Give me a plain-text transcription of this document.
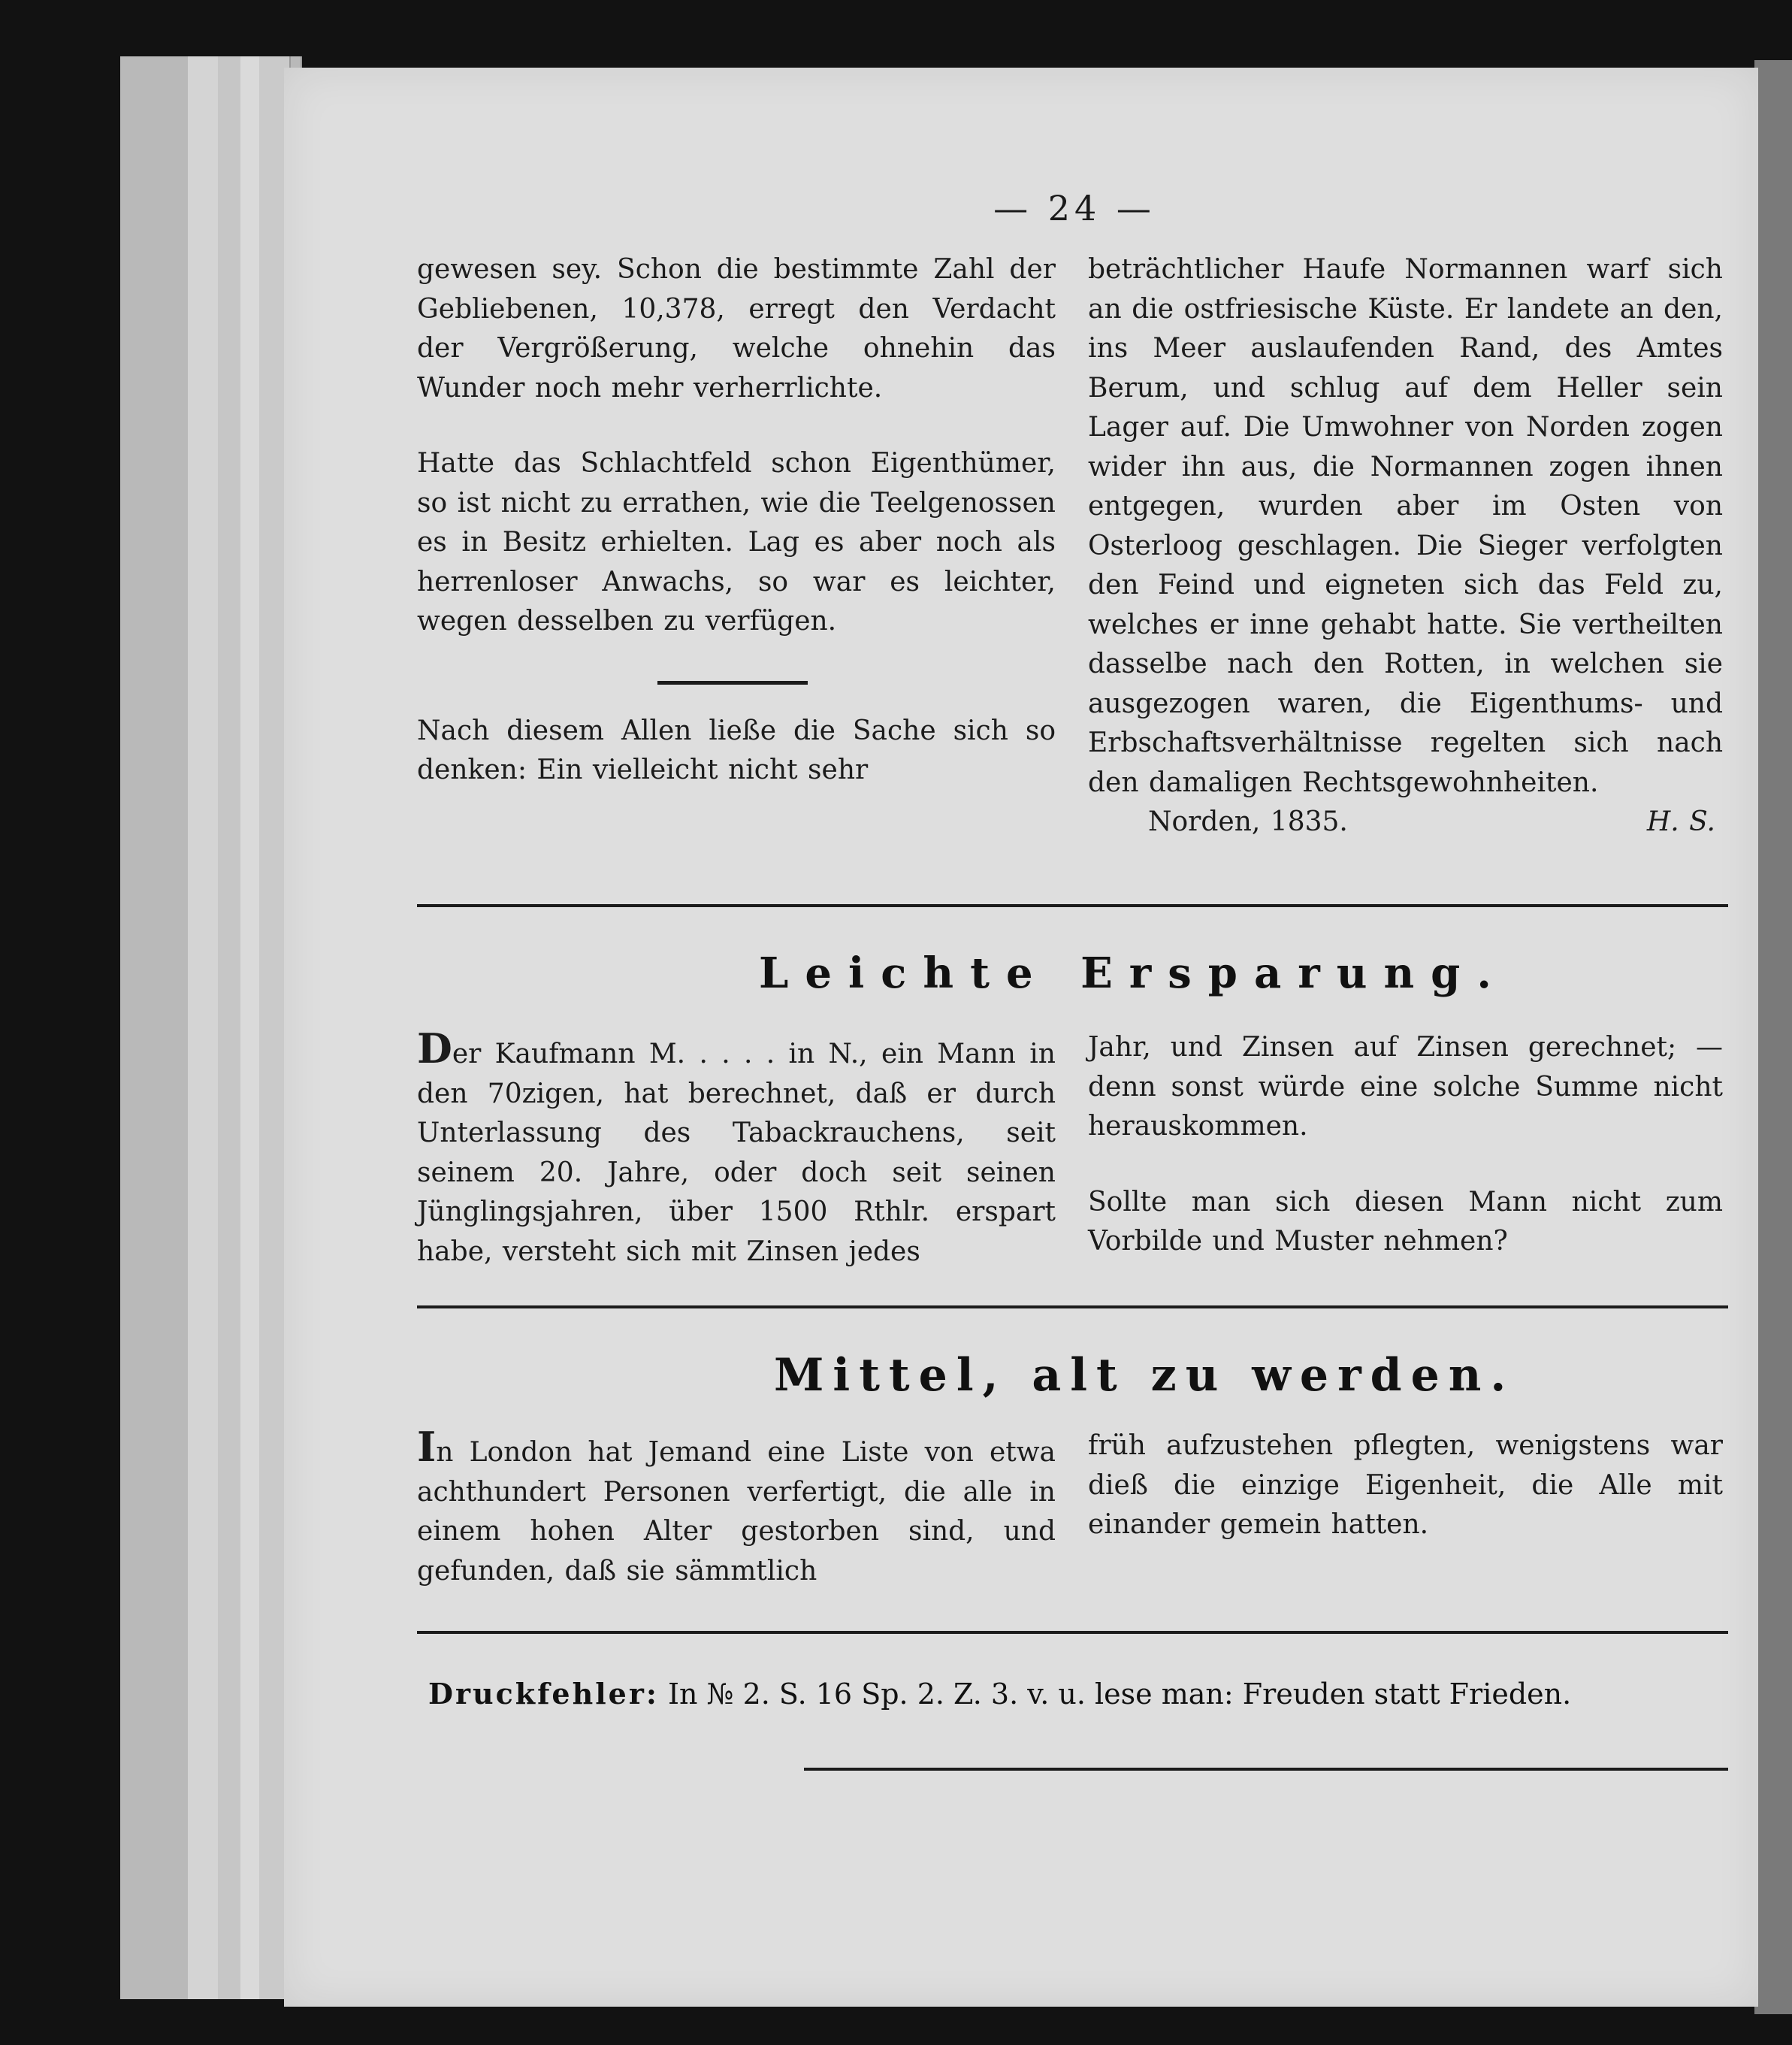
— 24 —

gewesen sey. Schon die bestimmte Zahl der Gebliebenen, 10,378, erregt den Verdacht der Vergrößerung, welche ohnehin das Wunder noch mehr verherrlichte.

Hatte das Schlachtfeld schon Eigenthümer, so ist nicht zu errathen, wie die Teelgenossen es in Besitz erhielten. Lag es aber noch als herrenloser Anwachs, so war es leichter, wegen desselben zu verfügen.

Nach diesem Allen ließe die Sache sich so denken: Ein vielleicht nicht sehr

beträchtlicher Haufe Normannen warf sich an die ostfriesische Küste. Er landete an den, ins Meer auslaufenden Rand, des Amtes Berum, und schlug auf dem Heller sein Lager auf. Die Umwohner von Norden zogen wider ihn aus, die Normannen zogen ihnen entgegen, wurden aber im Osten von Osterloog geschlagen. Die Sieger verfolgten den Feind und eigneten sich das Feld zu, welches er inne gehabt hatte. Sie vertheilten dasselbe nach den Rotten, in welchen sie ausgezogen waren, die Eigenthums- und Erbschaftsverhältnisse regelten sich nach den damaligen Rechtsgewohnheiten.

Norden, 1835.	H. S.
Leichte Ersparung.

Der Kaufmann M. . . . . in N., ein Mann in den 70zigen, hat berechnet, daß er durch Unterlassung des Tabackrauchens, seit seinem 20. Jahre, oder doch seit seinen Jünglingsjahren, über 1500 Rthlr. erspart habe, versteht sich mit Zinsen jedes

Jahr, und Zinsen auf Zinsen gerechnet; — denn sonst würde eine solche Summe nicht herauskommen.

Sollte man sich diesen Mann nicht zum Vorbilde und Muster nehmen?

Mittel, alt zu werden.

In London hat Jemand eine Liste von etwa achthundert Personen verfertigt, die alle in einem hohen Alter gestorben sind, und gefunden, daß sie sämmtlich

früh aufzustehen pflegten, wenigstens war dieß die einzige Eigenheit, die Alle mit einander gemein hatten.

Druckfehler: In № 2. S. 16 Sp. 2. Z. 3. v. u. lese man: Freuden statt Frieden.
